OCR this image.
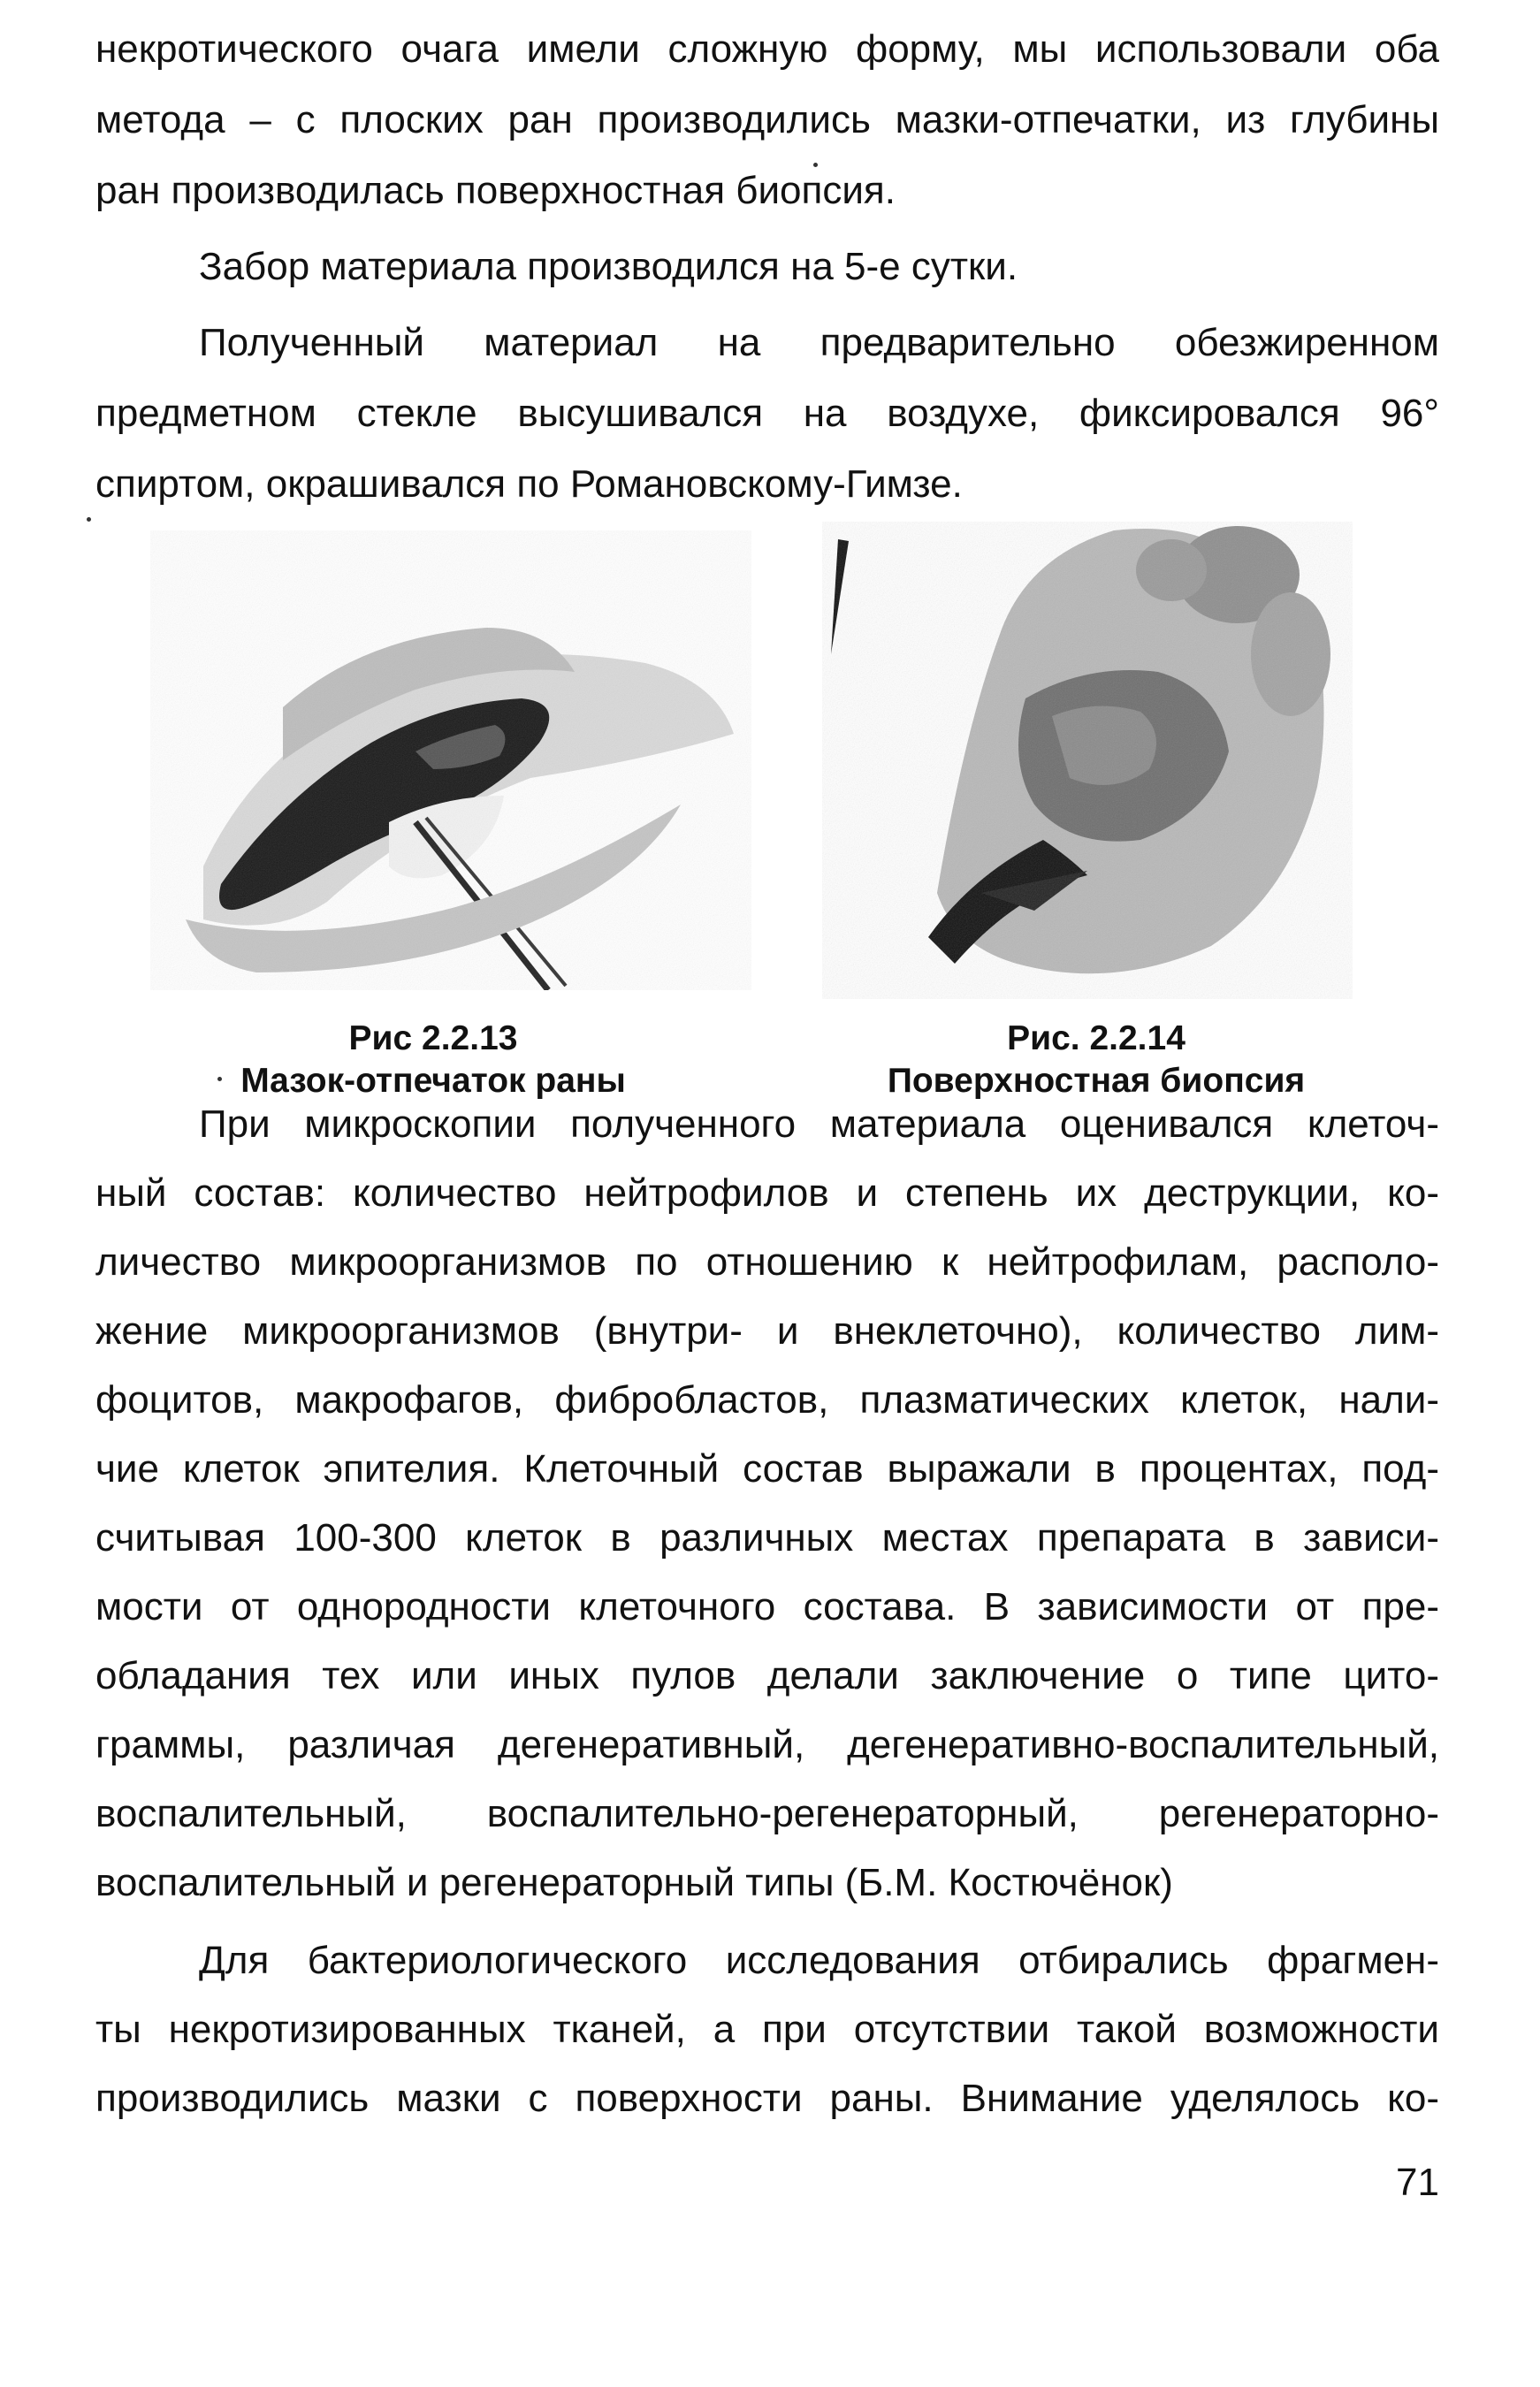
некротического очага имели сложную форму, мы использовали оба
метода – с плоских ран производились мазки-отпечатки, из глубины
ран производилась поверхностная биопсия.
Забор материала производился на 5-е сутки.
Полученный материал на предварительно обезжиренном
предметном стекле высушивался на воздухе, фиксировался 96°
спиртом, окрашивался по Романовскому-Гимзе.
Рис 2.2.13
Мазок-отпечаток раны
Рис. 2.2.14
Поверхностная биопсия
При микроскопии полученного материала оценивался клеточ-
ный состав: количество нейтрофилов и степень их деструкции, ко-
личество микроорганизмов по отношению к нейтрофилам, располо-
жение микроорганизмов (внутри- и внеклеточно), количество лим-
фоцитов, макрофагов, фибробластов, плазматических клеток, нали-
чие клеток эпителия. Клеточный состав выражали в процентах, под-
считывая 100-300 клеток в различных местах препарата в зависи-
мости от однородности клеточного состава. В зависимости от пре-
обладания тех или иных пулов делали заключение о типе цито-
граммы, различая дегенеративный, дегенеративно-воспалительный,
воспалительный, воспалительно-регенераторный, регенераторно-
воспалительный и регенераторный типы (Б.М. Костючёнок)
Для бактериологического исследования отбирались фрагмен-
ты некротизированных тканей, а при отсутствии такой возможности
производились мазки с поверхности раны. Внимание уделялось ко-
71
